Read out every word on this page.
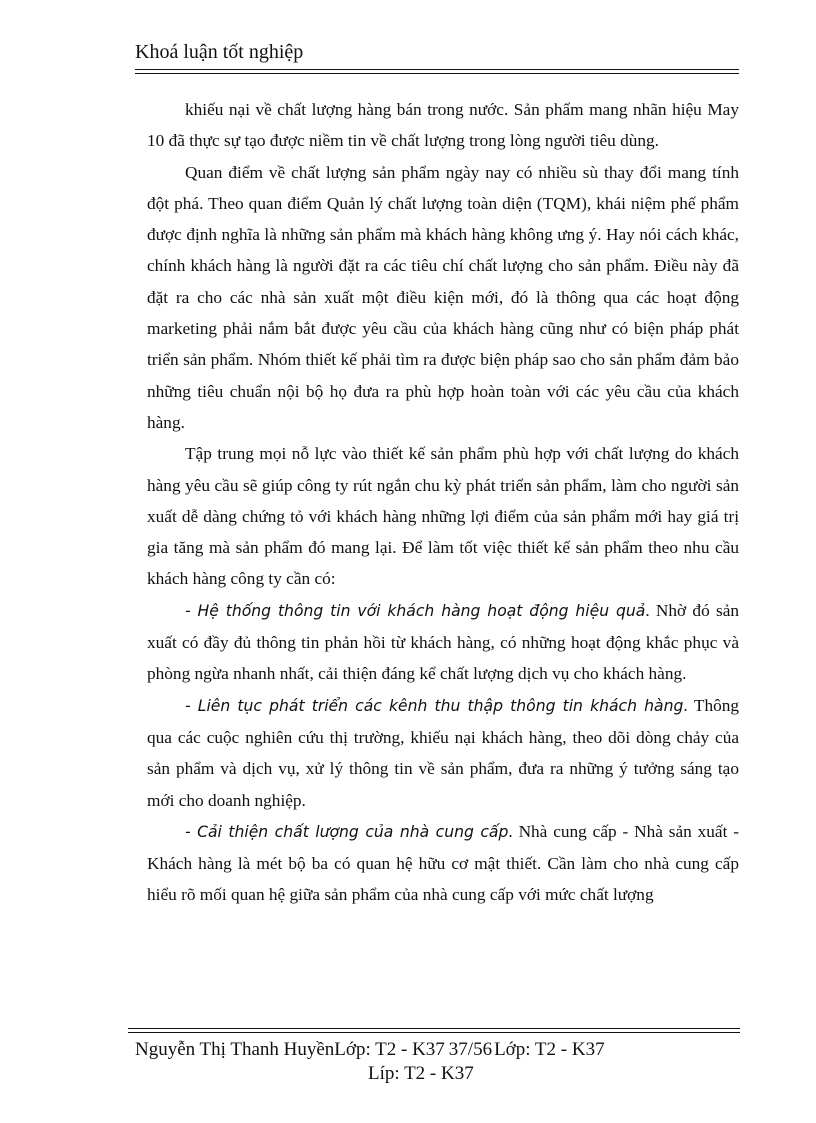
Khoá luận tốt nghiệp

khiếu nại về chất lượng hàng bán trong nước. Sản phẩm mang nhãn hiệu May 10 đã thực sự tạo được niềm tin về chất lượng trong lòng người tiêu dùng.

Quan điểm về chất lượng sản phẩm ngày nay có nhiều sù thay đổi mang tính đột phá. Theo quan điểm Quản lý chất lượng toàn diện (TQM), khái niệm phế phẩm được định nghĩa là những sản phẩm mà khách hàng không ưng ý. Hay nói cách khác, chính khách hàng là người đặt ra các tiêu chí chất lượng cho sản phẩm. Điều này đã đặt ra cho các nhà sản xuất một điều kiện mới, đó là thông qua các hoạt động marketing phải nắm bắt được yêu cầu của khách hàng cũng như có biện pháp phát triển sản phẩm. Nhóm thiết kế phải tìm ra được biện pháp sao cho sản phẩm đảm bảo những tiêu chuẩn nội bộ họ đưa ra phù hợp hoàn toàn với các yêu cầu của khách hàng.

Tập trung mọi nỗ lực vào thiết kế sản phẩm phù hợp với chất lượng do khách hàng yêu cầu sẽ giúp công ty rút ngắn chu kỳ phát triển sản phẩm, làm cho người sản xuất dễ dàng chứng tỏ với khách hàng những lợi điểm của sản phẩm mới hay giá trị gia tăng mà sản phẩm đó mang lại. Để làm tốt việc thiết kế sản phẩm theo nhu cầu khách hàng công ty cần có:

- Hệ thống thông tin với khách hàng hoạt động hiệu quả. Nhờ đó sản xuất có đầy đủ thông tin phản hồi từ khách hàng, có những hoạt động khắc phục và phòng ngừa nhanh nhất, cải thiện đáng kể chất lượng dịch vụ cho khách hàng.

- Liên tục phát triển các kênh thu thập thông tin khách hàng. Thông qua các cuộc nghiên cứu thị trường, khiếu nại khách hàng, theo dõi dòng chảy của sản phẩm và dịch vụ, xử lý thông tin về sản phẩm, đưa ra những ý tưởng sáng tạo mới cho doanh nghiệp.

- Cải thiện chất lượng của nhà cung cấp. Nhà cung cấp - Nhà sản xuất - Khách hàng là mét bộ ba có quan hệ hữu cơ mật thiết. Cần làm cho nhà cung cấp hiểu rõ mối quan hệ giữa sản phẩm của nhà cung cấp với mức chất lượng

Nguyễn Thị Thanh HuyềnLớp: T2 - K37 37/56 Lớp: T2 - K37
Líp: T2 - K37
